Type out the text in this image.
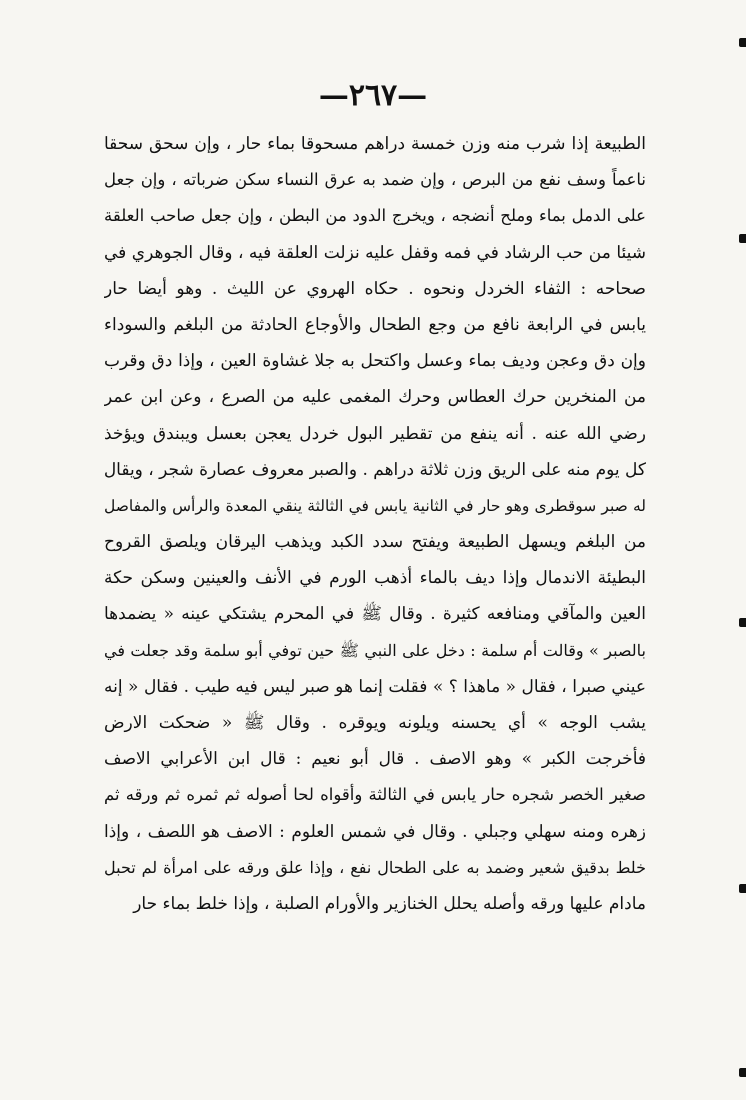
—٢٦٧—
الطبيعة إذا شرب منه وزن خمسة دراهم مسحوقا بماء حار ، وإن سحق سحقا
ناعماً وسف نفع من البرص ، وإن ضمد به عرق النساء سكن ضرباته ، وإن جعل
على الدمل بماء وملح أنضجه ، ويخرج الدود من البطن ، وإن جعل صاحب العلقة
شيئا من حب الرشاد في فمه وقفل عليه نزلت العلقة فيه ، وقال الجوهري في
صحاحه : الثفاء الخردل ونحوه . حكاه الهروي عن الليث . وهو أيضا حار
يابس في الرابعة نافع من وجع الطحال والأوجاع الحادثة من البلغم والسوداء
وإن دق وعجن وديف بماء وعسل واكتحل به جلا غشاوة العين ، وإذا دق وقرب
من المنخرين حرك العطاس وحرك المغمى عليه من الصرع ، وعن ابن عمر
رضي الله عنه . أنه ينفع من تقطير البول خردل يعجن بعسل ويبندق ويؤخذ
كل يوم منه على الريق وزن ثلاثة دراهم . والصبر معروف عصارة شجر ، ويقال
له صبر سوقطرى وهو حار في الثانية يابس في الثالثة ينقي المعدة والرأس والمفاصل
من البلغم ويسهل الطبيعة ويفتح سدد الكبد ويذهب اليرقان ويلصق القروح
البطيئة الاندمال وإذا ديف بالماء أذهب الورم في الأنف والعينين وسكن حكة
العين والمآقي ومنافعه كثيرة . وقال ﷺ في المحرم يشتكي عينه « يضمدها
بالصبر » وقالت أم سلمة : دخل على النبي ﷺ حين توفي أبو سلمة وقد جعلت في
عيني صبرا ، فقال « ماهذا ؟ » فقلت إنما هو صبر ليس فيه طيب . فقال « إنه
يشب الوجه » أي يحسنه ويلونه ويوقره . وقال ﷺ « ضحكت الارض
فأخرجت الكبر » وهو الاصف . قال أبو نعيم : قال ابن الأعرابي الاصف
صغير الخصر شجره حار يابس في الثالثة وأقواه لحا أصوله ثم ثمره ثم ورقه ثم
زهره ومنه سهلي وجبلي . وقال في شمس العلوم : الاصف هو اللصف ، وإذا
خلط بدقيق شعير وضمد به على الطحال نفع ، وإذا علق ورقه على امرأة لم تحبل
مادام عليها ورقه وأصله يحلل الخنازير والأورام الصلبة ، وإذا خلط بماء حار
